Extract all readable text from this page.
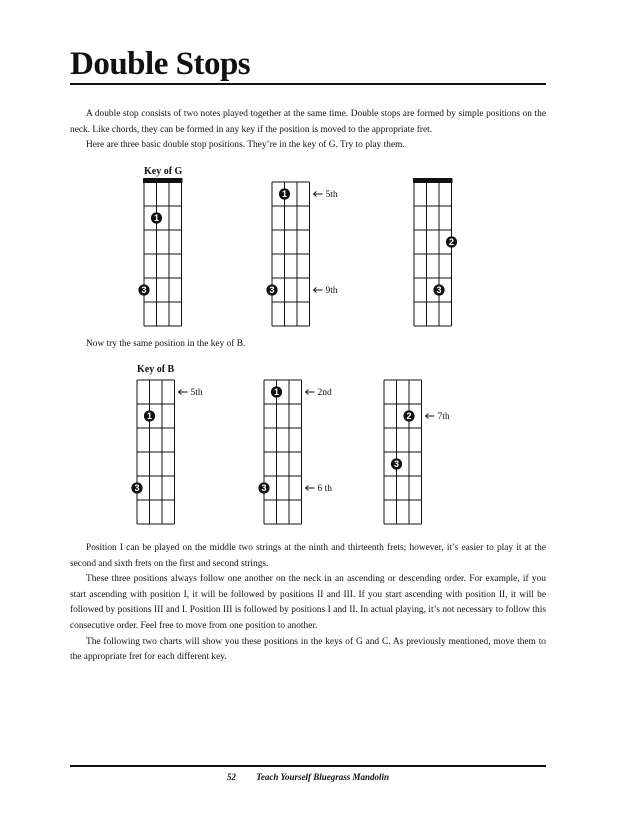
Double Stops

A double stop consists of two notes played together at the same time. Double stops are formed by simple positions on the neck. Like chords, they can be formed in any key if the position is moved to the appropriate fret.

Here are three basic double stop positions. They’re in the key of G. Try to play them.

Key of G
1
3
1
3
5th
9th
2
3

Now try the same position in the key of B.

Key of B
1
3
5th	1
3
2nd
6 th
2
3
7th

Position I can be played on the middle two strings at the ninth and thirteenth frets; however, it’s easier to play it at the second and sixth frets on the first and second strings.

These three positions always follow one another on the neck in an ascending or descending order. For example, if you start ascending with position I, it will be followed by positions II and III. If you start ascending with position II, it will be followed by positions III and I. Position III is followed by positions I and II. In actual playing, it’s not necessary to follow this consecutive order. Feel free to move from one position to another.

The following two charts will show you these positions in the keys of G and C. As previously mentioned, move them to the appropriate fret for each different key.

52 Teach Yourself Bluegrass Mandolin
